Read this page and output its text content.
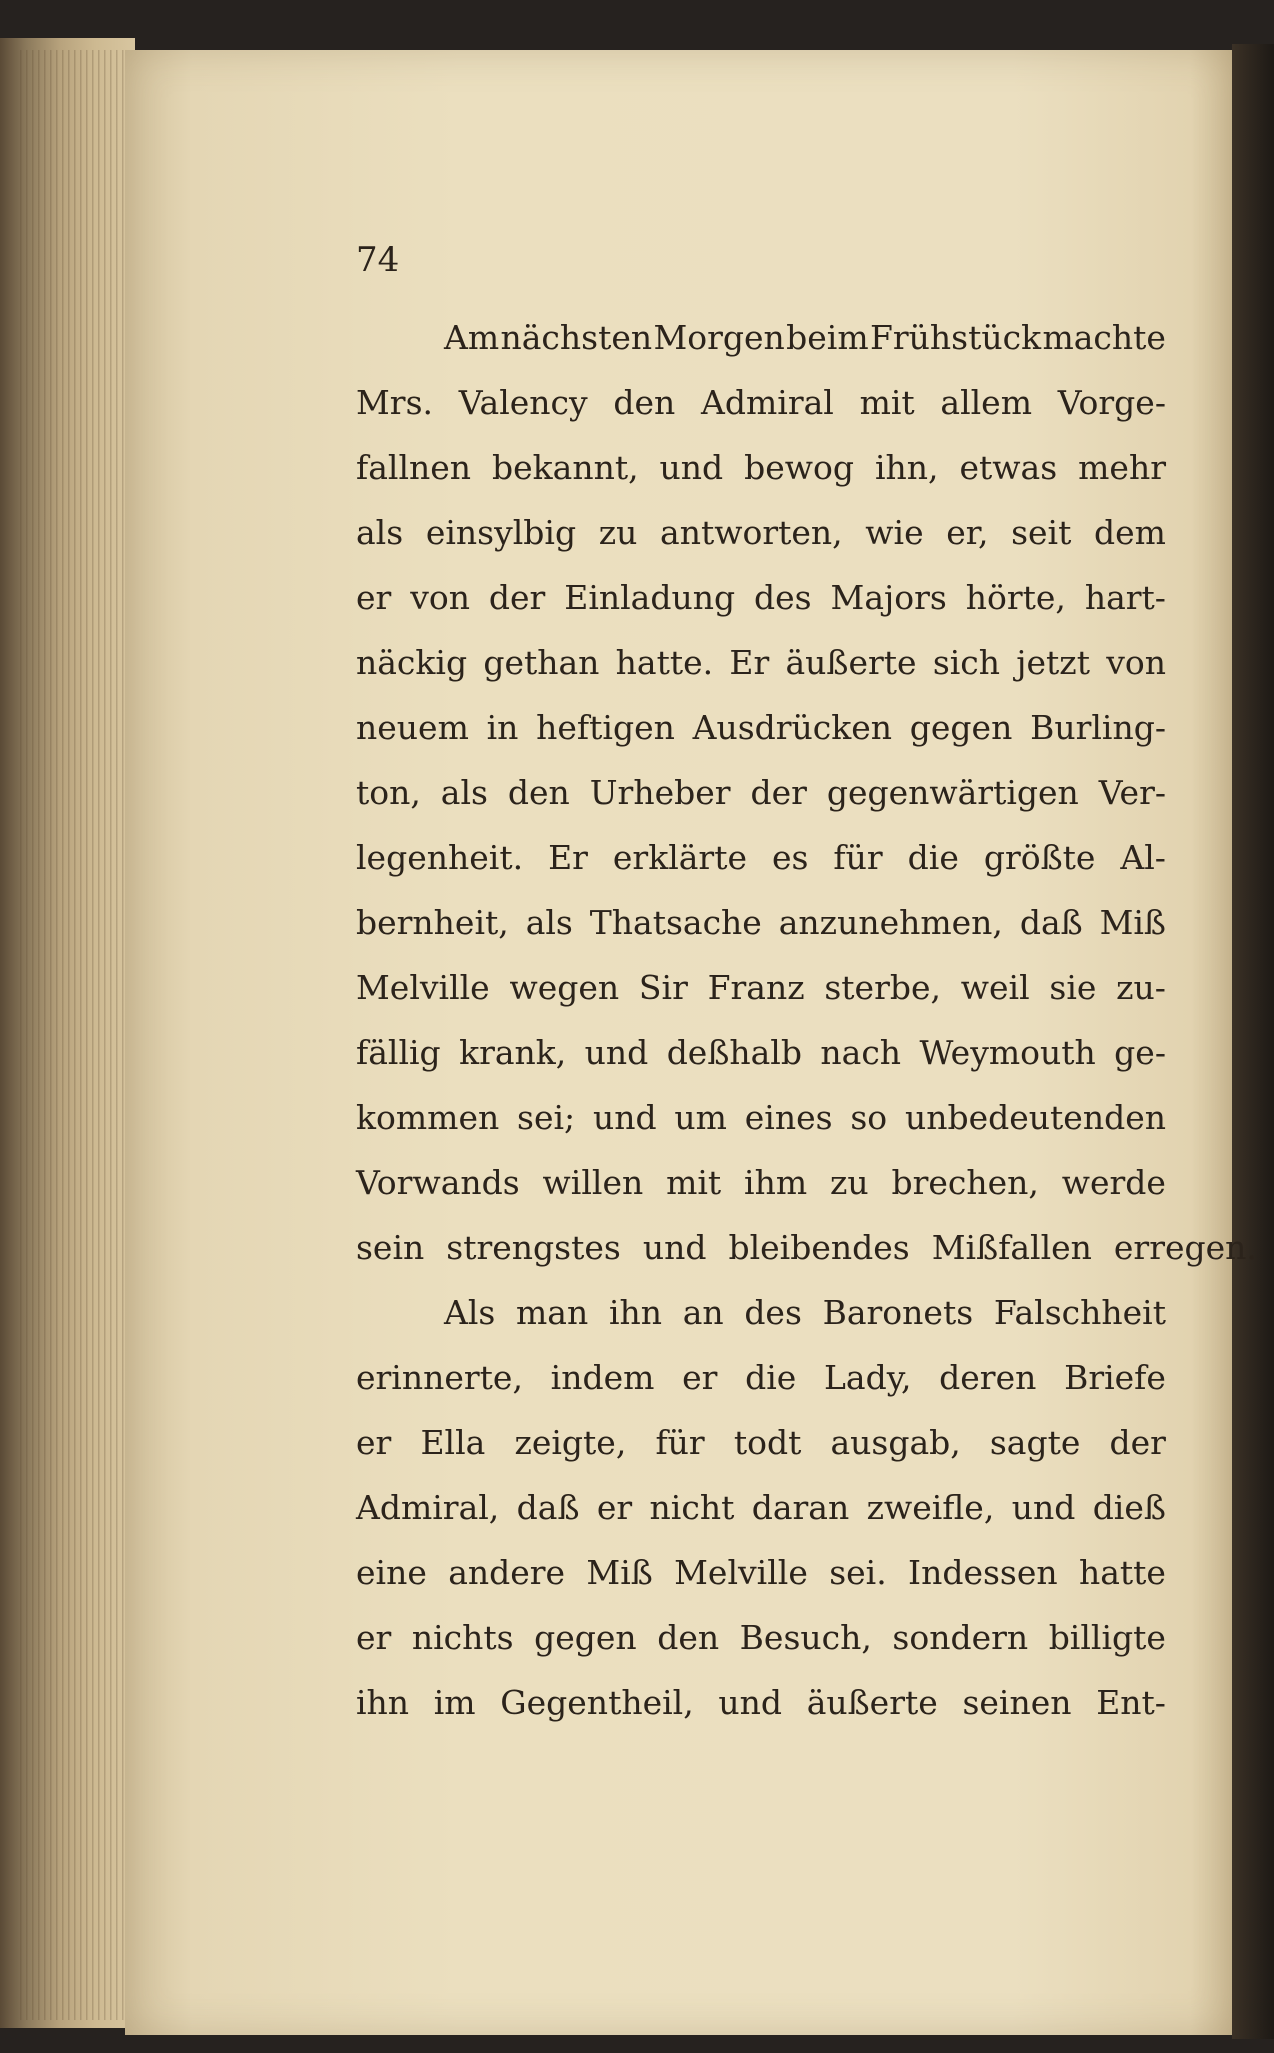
74
Am nächsten Morgen beim Frühstück machte
Mrs. Valency den Admiral mit allem Vorge-
fallnen bekannt, und bewog ihn, etwas mehr
als einsylbig zu antworten, wie er, seit dem
er von der Einladung des Majors hörte, hart-
näckig gethan hatte. Er äußerte sich jetzt von
neuem in heftigen Ausdrücken gegen Burling-
ton, als den Urheber der gegenwärtigen Ver-
legenheit. Er erklärte es für die größte Al-
bernheit, als Thatsache anzunehmen, daß Miß
Melville wegen Sir Franz sterbe, weil sie zu-
fällig krank, und deßhalb nach Weymouth ge-
kommen sei; und um eines so unbedeutenden
Vorwands willen mit ihm zu brechen, werde
sein strengstes und bleibendes Mißfallen erregen.
Als man ihn an des Baronets Falschheit
erinnerte, indem er die Lady, deren Briefe
er Ella zeigte, für todt ausgab, sagte der
Admiral, daß er nicht daran zweifle, und dieß
eine andere Miß Melville sei. Indessen hatte
er nichts gegen den Besuch, sondern billigte
ihn im Gegentheil, und äußerte seinen Ent-
